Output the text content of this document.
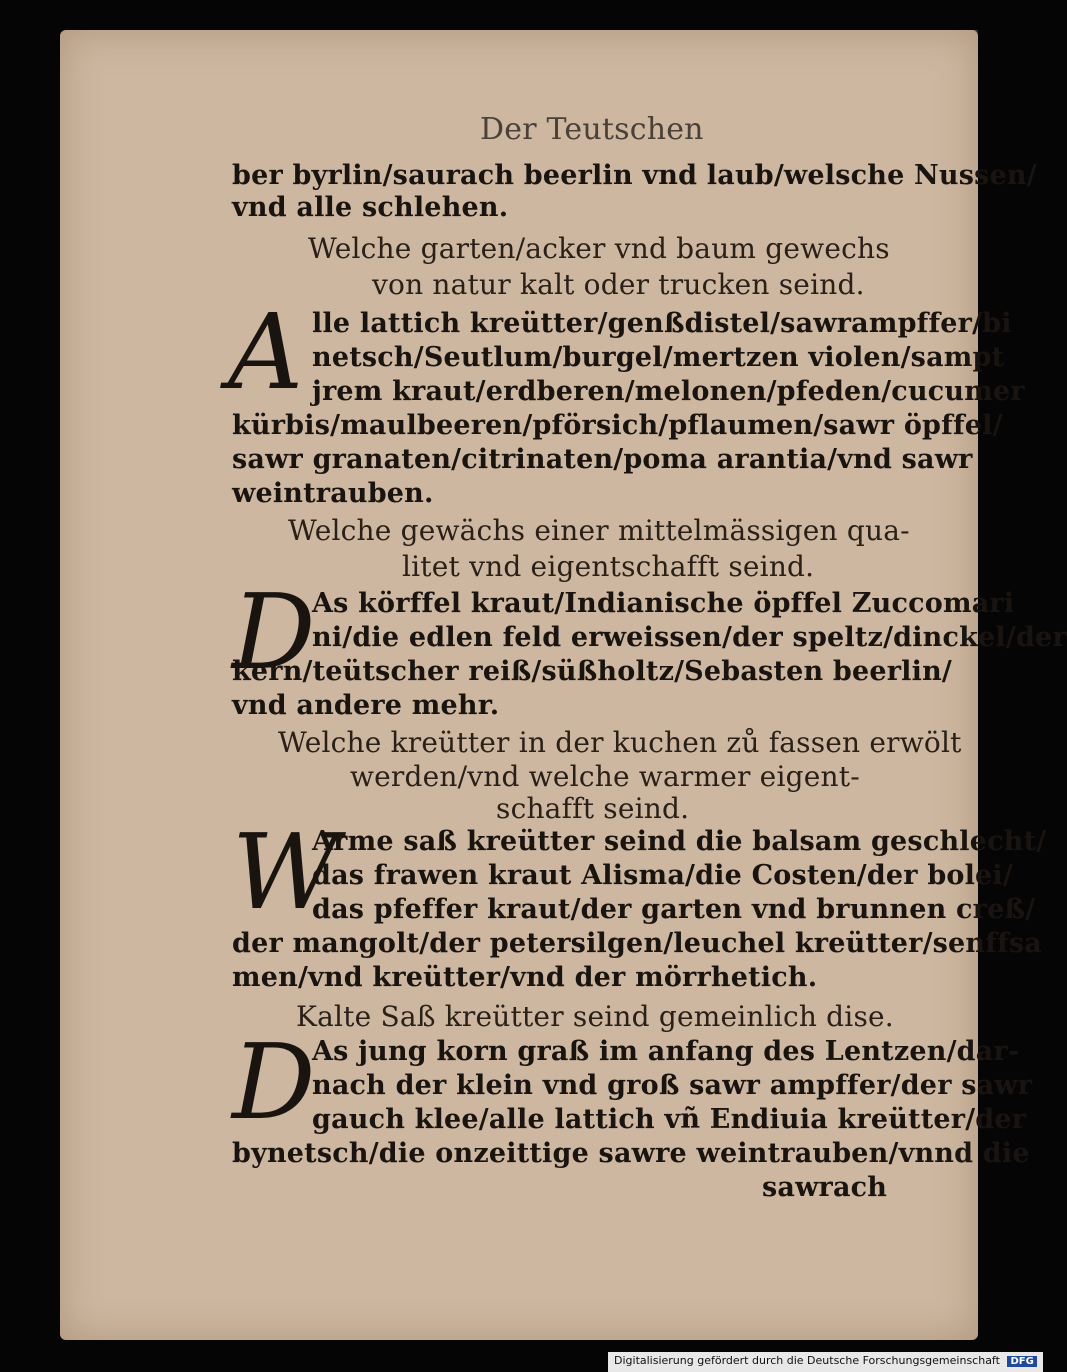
Der Teutschen
ber byrlin/saurach beerlin vnd laub/welsche Nussen/
vnd alle schlehen.
Welche garten/acker vnd baum gewechs
von natur kalt oder trucken seind.
A lle lattich kreütter/genßdistel/sawrampffer/bi
netsch/Seutlum/burgel/mertzen violen/sampt
jrem kraut/erdberen/melonen/pfeden/cucumer
kürbis/maulbeeren/pförsich/pflaumen/sawr öpffel/
sawr granaten/citrinaten/poma arantia/vnd sawr
weintrauben.
Welche gewächs einer mittelmässigen qua-
litet vnd eigentschafft seind.
D
As körffel kraut/Indianische öpffel Zuccomari
ni/die edlen feld erweissen/der speltz/dinckel/der
kern/teütscher reiß/süßholtz/Sebasten beerlin/
vnd andere mehr.
Welche kreütter in der kuchen zů fassen erwölt
werden/vnd welche warmer eigent-
schafft seind.
W
Arme saß kreütter seind die balsam geschlecht/
das frawen kraut Alisma/die Costen/der bolei/
das pfeffer kraut/der garten vnd brunnen creß/
der mangolt/der petersilgen/leuchel kreütter/senffsa
men/vnd kreütter/vnd der mörrhetich.
Kalte Saß kreütter seind gemeinlich dise.
D
As jung korn graß im anfang des Lentzen/dar-
nach der klein vnd groß sawr ampffer/der sawr
gauch klee/alle lattich vñ Endiuia kreütter/der
bynetsch/die onzeittige sawre weintrauben/vnnd die
sawrach
Digitalisierung gefördert durch die Deutsche Forschungsgemeinschaft DFG
